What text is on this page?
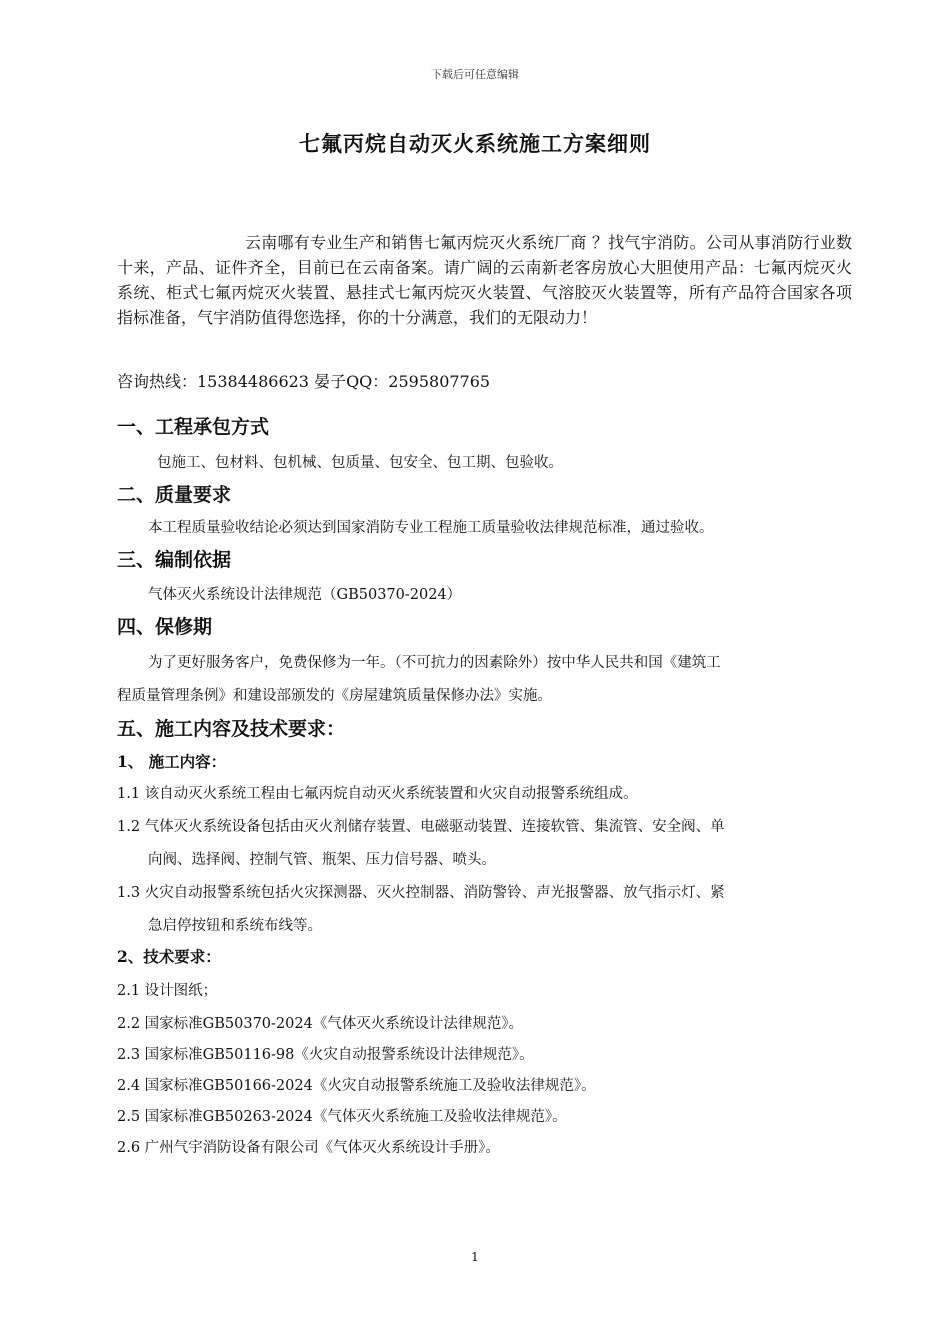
下载后可任意编辑
七氟丙烷自动灭火系统施工方案细则
云南哪有专业生产和销售七氟丙烷灭火系统厂商 ？找气宇消防。公司从事消防行业数十来，产品、证件齐全，目前已在云南备案。请广阔的云南新老客房放心大胆使用产品：七氟丙烷灭火系统、柜式七氟丙烷灭火装置、悬挂式七氟丙烷灭火装置、气溶胶灭火装置等，所有产品符合国家各项指标准备，气宇消防值得您选择，你的十分满意，我们的无限动力！
咨询热线：15384486623 晏子QQ：2595807765
一、工程承包方式
包施工、包材料、包机械、包质量、包安全、包工期、包验收。
二、质量要求
本工程质量验收结论必须达到国家消防专业工程施工质量验收法律规范标准，通过验收。
三、编制依据
气体灭火系统设计法律规范（GB50370-2024）
四、保修期
为了更好服务客户，免费保修为一年。（不可抗力的因素除外）按中华人民共和国《建筑工
程质量管理条例》和建设部颁发的《房屋建筑质量保修办法》实施。
五、施工内容及技术要求：
1、 施工内容：
1.1 该自动灭火系统工程由七氟丙烷自动灭火系统装置和火灾自动报警系统组成。
1.2 气体灭火系统设备包括由灭火剂储存装置、电磁驱动装置、连接软管、集流管、安全阀、单
向阀、选择阀、控制气管、瓶架、压力信号器、喷头。
1.3 火灾自动报警系统包括火灾探测器、灭火控制器、消防警铃、声光报警器、放气指示灯、紧
急启停按钮和系统布线等。
2、技术要求：
2.1 设计图纸；
2.2 国家标准GB50370-2024《气体灭火系统设计法律规范》。
2.3 国家标准GB50116-98《火灾自动报警系统设计法律规范》。
2.4 国家标准GB50166-2024《火灾自动报警系统施工及验收法律规范》。
2.5 国家标准GB50263-2024《气体灭火系统施工及验收法律规范》。
2.6 广州气宇消防设备有限公司《气体灭火系统设计手册》。
1
